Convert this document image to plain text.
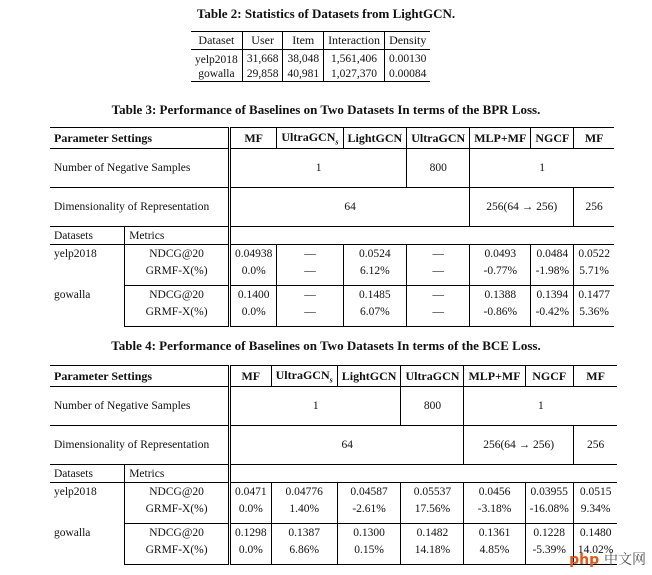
Table 2: Statistics of Datasets from LightGCN.
Dataset	User	Item	Interaction	Density
yelp2018	31,668	38,048	1,561,406	0.00130
gowalla	29,858	40,981	1,027,370	0.00084
Table 3: Performance of Baselines on Two Datasets In terms of the BPR Loss.
Parameter Settings		MF	UltraGCN$_s$	LightGCN	UltraGCN	MLP+MF	NGCF	MF
Number of Negative Samples		1			800	1		
Dimensionality of Representation		64				256(64 → 256)		256
Datasets	Metrics							
yelp2018	NDCG@20	0.04938	—	0.0524	—	0.0493	0.0484	0.0522
	GRMF-X(%)	0.0%	—	6.12%	—	-0.77%	-1.98%	5.71%
gowalla	NDCG@20	0.1400	—	0.1485	—	0.1388	0.1394	0.1477
	GRMF-X(%)	0.0%	—	6.07%	—	-0.86%	-0.42%	5.36%
Table 4: Performance of Baselines on Two Datasets In terms of the BCE Loss.
Parameter Settings		MF	UltraGCN$_s$	LightGCN	UltraGCN	MLP+MF	NGCF	MF
Number of Negative Samples		1			800	1		
Dimensionality of Representation		64				256(64 → 256)		256
Datasets	Metrics							
yelp2018	NDCG@20	0.0471	0.04776	0.04587	0.05537	0.0456	0.03955	0.0515
	GRMF-X(%)	0.0%	1.40%	-2.61%	17.56%	-3.18%	-16.08%	9.34%
gowalla	NDCG@20	0.1298	0.1387	0.1300	0.1482	0.1361	0.1228	0.1480
	GRMF-X(%)	0.0%	6.86%	0.15%	14.18%	4.85%	-5.39%	14.02%
php 中文网
